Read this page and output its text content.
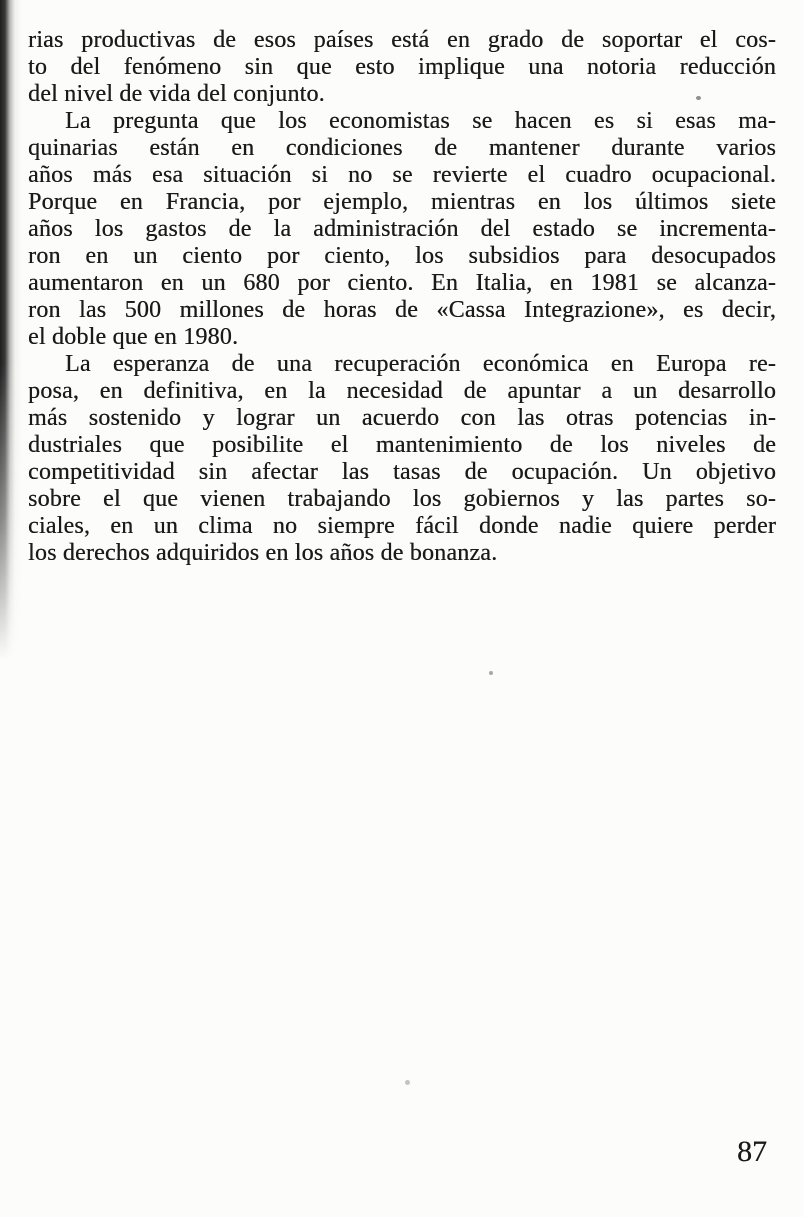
rias productivas de esos países está en grado de soportar el cos-
to del fenómeno sin que esto implique una notoria reducción
del nivel de vida del conjunto.

La pregunta que los economistas se hacen es si esas ma-
quinarias están en condiciones de mantener durante varios
años más esa situación si no se revierte el cuadro ocupacional.
Porque en Francia, por ejemplo, mientras en los últimos siete
años los gastos de la administración del estado se incrementa-
ron en un ciento por ciento, los subsidios para desocupados
aumentaron en un 680 por ciento. En Italia, en 1981 se alcanza-
ron las 500 millones de horas de «Cassa Integrazione», es decir,
el doble que en 1980.

La esperanza de una recuperación económica en Europa re-
posa, en definitiva, en la necesidad de apuntar a un desarrollo
más sostenido y lograr un acuerdo con las otras potencias in-
dustriales que posibilite el mantenimiento de los niveles de
competitividad sin afectar las tasas de ocupación. Un objetivo
sobre el que vienen trabajando los gobiernos y las partes so-
ciales, en un clima no siempre fácil donde nadie quiere perder
los derechos adquiridos en los años de bonanza.

87
